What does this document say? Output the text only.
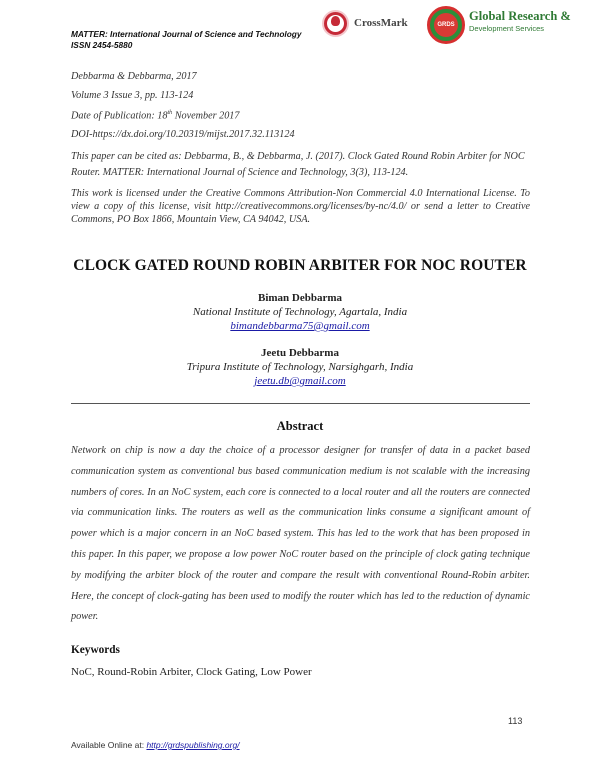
MATTER: International Journal of Science and Technology
ISSN 2454-5880
CrossMark	GRDS
Global Research &
Development Services
Debbarma & Debbarma, 2017
Volume 3 Issue 3, pp. 113-124
Date of Publication: 18th November 2017
DOI-https://dx.doi.org/10.20319/mijst.2017.32.113124
This paper can be cited as: Debbarma, B., & Debbarma, J. (2017). Clock Gated Round Robin Arbiter for NOC Router. MATTER: International Journal of Science and Technology, 3(3), 113-124.
This work is licensed under the Creative Commons Attribution-Non Commercial 4.0 International License. To view a copy of this license, visit http://creativecommons.org/licenses/by-nc/4.0/ or send a letter to Creative Commons, PO Box 1866, Mountain View, CA 94042, USA.
CLOCK GATED ROUND ROBIN ARBITER FOR NOC ROUTER
Biman Debbarma
National Institute of Technology, Agartala, India
bimandebbarma75@gmail.com
Jeetu Debbarma
Tripura Institute of Technology, Narsighgarh, India
jeetu.db@gmail.com
Abstract
Network on chip is now a day the choice of a processor designer for transfer of data in a packet based communication system as conventional bus based communication medium is not scalable with the increasing numbers of cores. In an NoC system, each core is connected to a local router and all the routers are connected via communication links. The routers as well as the communication links consume a significant amount of power which is a major concern in an NoC based system. This has led to the work that has been proposed in this paper. In this paper, we propose a low power NoC router based on the principle of clock gating technique by modifying the arbiter block of the router and compare the result with conventional Round-Robin arbiter. Here, the concept of clock-gating has been used to modify the router which has led to the reduction of dynamic power.
Keywords
NoC, Round-Robin Arbiter, Clock Gating, Low Power
113
Available Online at: http://grdspublishing.org/
